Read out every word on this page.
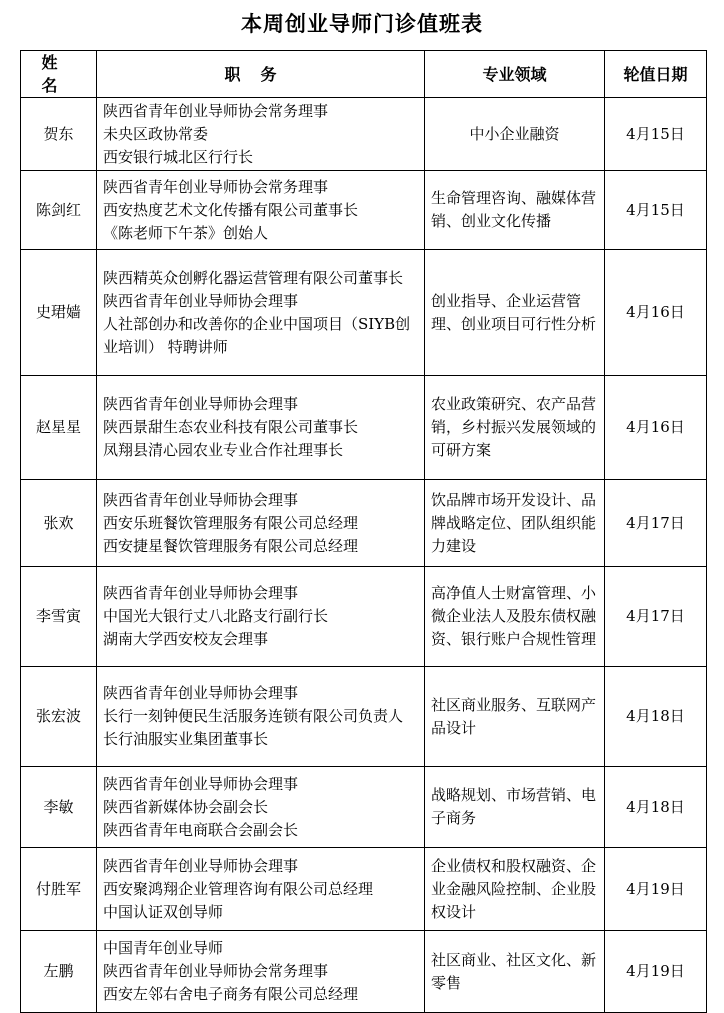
本周创业导师门诊值班表
姓名	职务	专业领域	轮值日期
贺东	陕西省青年创业导师协会常务理事
未央区政协常委
西安银行城北区行行长	中小企业融资	4月15日
陈剑红	陕西省青年创业导师协会常务理事
西安热度艺术文化传播有限公司董事长
《陈老师下午茶》创始人	生命管理咨询、融媒体营销、创业文化传播	4月15日
史珺嫱	陕西精英众创孵化器运营管理有限公司董事长
陕西省青年创业导师协会理事
人社部创办和改善你的企业中国项目（SIYB创业培训） 特聘讲师	创业指导、企业运营管理、创业项目可行性分析	4月16日
赵星星	陕西省青年创业导师协会理事
陕西景甜生态农业科技有限公司董事长
凤翔县清心园农业专业合作社理事长	农业政策研究、农产品营销，乡村振兴发展领域的可研方案	4月16日
张欢	陕西省青年创业导师协会理事
西安乐班餐饮管理服务有限公司总经理
西安捷星餐饮管理服务有限公司总经理	饮品牌市场开发设计、品牌战略定位、团队组织能力建设	4月17日
李雪寅	陕西省青年创业导师协会理事
中国光大银行丈八北路支行副行长
湖南大学西安校友会理事	高净值人士财富管理、小微企业法人及股东债权融资、银行账户合规性管理	4月17日
张宏波	陕西省青年创业导师协会理事
长行一刻钟便民生活服务连锁有限公司负责人
长行油服实业集团董事长	社区商业服务、互联网产品设计	4月18日
李敏	陕西省青年创业导师协会理事
陕西省新媒体协会副会长
陕西省青年电商联合会副会长	战略规划、市场营销、电子商务	4月18日
付胜军	陕西省青年创业导师协会理事
西安聚鸿翔企业管理咨询有限公司总经理
中国认证双创导师	企业债权和股权融资、企业金融风险控制、企业股权设计	4月19日
左鹏	中国青年创业导师
陕西省青年创业导师协会常务理事
西安左邻右舍电子商务有限公司总经理	社区商业、社区文化、新零售	4月19日
